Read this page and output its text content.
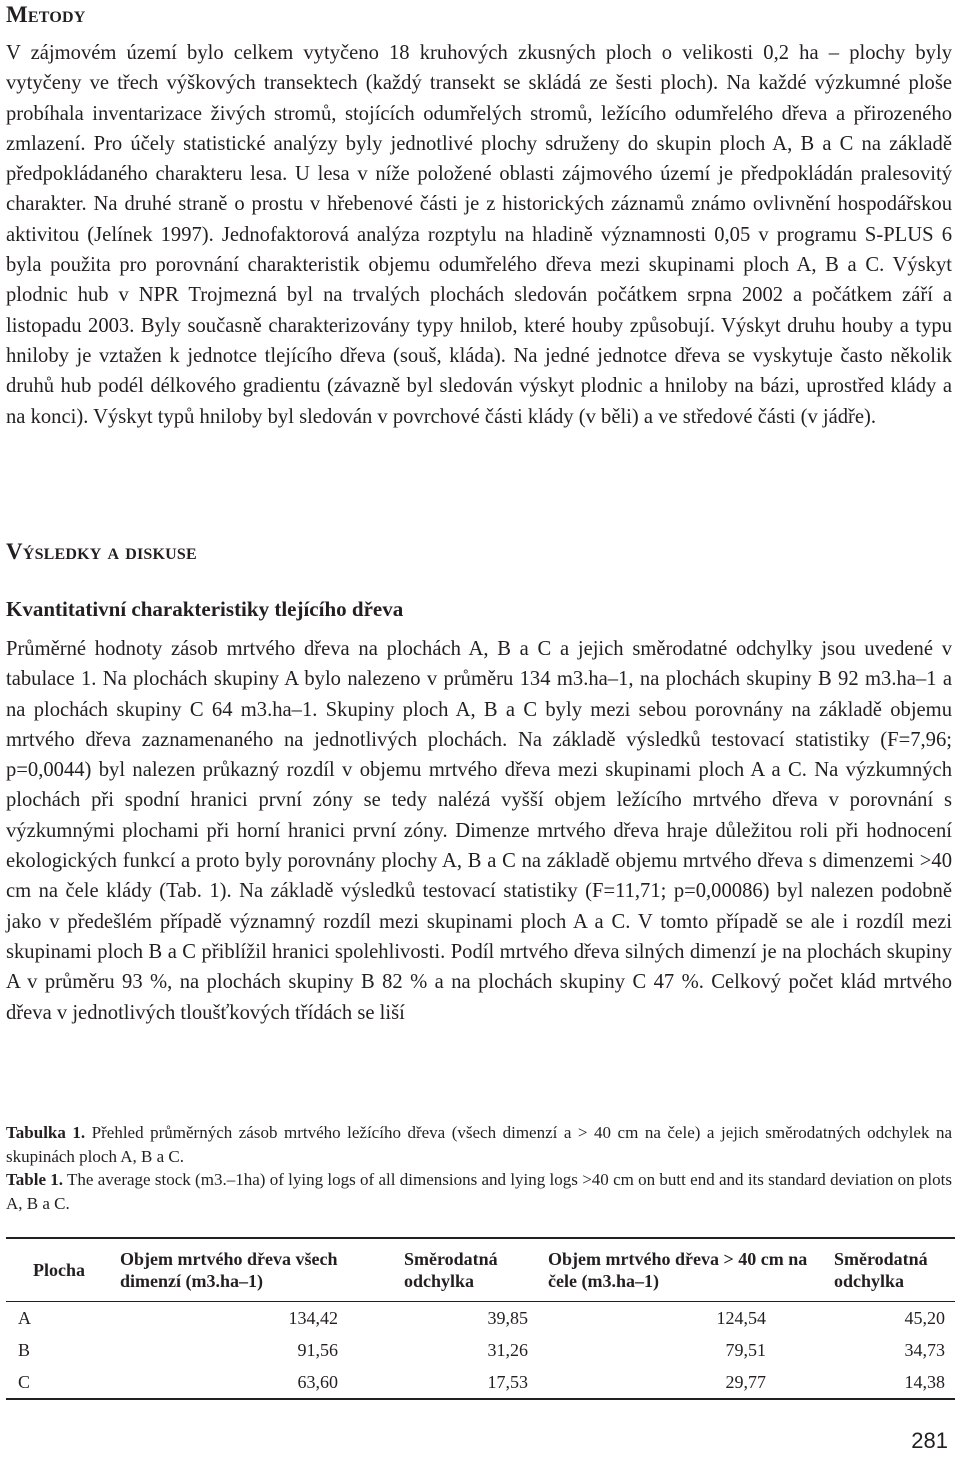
Metody

V zájmovém území bylo celkem vytyčeno 18 kruhových zkusných ploch o velikosti 0,2 ha – plochy byly vytyčeny ve třech výškových transektech (každý transekt se skládá ze šesti ploch). Na každé výzkumné ploše probíhala inventarizace živých stromů, stojících odumřelých stromů, ležícího odumřelého dřeva a přirozeného zmlazení. Pro účely statistické analýzy byly jednotlivé plochy sdruženy do skupin ploch A, B a C na základě předpokládaného charakteru lesa. U lesa v níže položené oblasti zájmového území je předpokládán pralesovitý charakter. Na druhé straně o prostu v hřebenové části je z historických záznamů známo ovlivnění hospodářskou aktivitou (Jelínek 1997). Jednofaktorová analýza rozptylu na hladině významnosti 0,05 v programu S-PLUS 6 byla použita pro porovnání charakteristik objemu odumřelého dřeva mezi skupinami ploch A, B a C. Výskyt plodnic hub v NPR Trojmezná byl na trvalých plochách sledován počátkem srpna 2002 a počátkem září a listopadu 2003. Byly současně charakterizovány typy hnilob, které houby způsobují. Výskyt druhu houby a typu hniloby je vztažen k jednotce tlejícího dřeva (souš, kláda). Na jedné jednotce dřeva se vyskytuje často několik druhů hub podél délkového gradientu (závazně byl sledován výskyt plodnic a hniloby na bázi, uprostřed klády a na konci). Výskyt typů hniloby byl sledován v povrchové části klády (v běli) a ve středové části (v jádře).

Výsledky a diskuse
Kvantitativní charakteristiky tlejícího dřeva

Průměrné hodnoty zásob mrtvého dřeva na plochách A, B a C a jejich směrodatné odchylky jsou uvedené v tabulace 1. Na plochách skupiny A bylo nalezeno v průměru 134 m3.ha–1, na plochách skupiny B 92 m3.ha–1 a na plochách skupiny C 64 m3.ha–1. Skupiny ploch A, B a C byly mezi sebou porovnány na základě objemu mrtvého dřeva zaznamenaného na jednotlivých plochách. Na základě výsledků testovací statistiky (F=7,96; p=0,0044) byl nalezen průkazný rozdíl v objemu mrtvého dřeva mezi skupinami ploch A a C. Na výzkumných plochách při spodní hranici první zóny se tedy nalézá vyšší objem ležícího mrtvého dřeva v porovnání s výzkumnými plochami při horní hranici první zóny. Dimenze mrtvého dřeva hraje důležitou roli při hodnocení ekologických funkcí a proto byly porovnány plochy A, B a C na základě objemu mrtvého dřeva s dimenzemi >40 cm na čele klády (Tab. 1). Na základě výsledků testovací statistiky (F=11,71; p=0,00086) byl nalezen podobně jako v předešlém případě významný rozdíl mezi skupinami ploch A a C. V tomto případě se ale i rozdíl mezi skupinami ploch B a C přiblížil hranici spolehlivosti. Podíl mrtvého dřeva silných dimenzí je na plochách skupiny A v průměru 93 %, na plochách skupiny B 82 % a na plochách skupiny C 47 %. Celkový počet klád mrtvého dřeva v jednotlivých tloušťkových třídách se liší

Tabulka 1. Přehled průměrných zásob mrtvého ležícího dřeva (všech dimenzí a > 40 cm na čele) a jejich směrodatných odchylek na skupinách ploch A, B a C.
Table 1. The average stock (m3.–1ha) of lying logs of all dimensions and lying logs >40 cm on butt end and its standard deviation on plots A, B a C.
Plocha	Objem mrtvého dřeva všech dimenzí (m3.ha–1)	Směrodatná odchylka	Objem mrtvého dřeva > 40 cm na čele (m3.ha–1)	Směrodatná odchylka
A	134,42	39,85	124,54	45,20
B	91,56	31,26	79,51	34,73
C	63,60	17,53	29,77	14,38
281
